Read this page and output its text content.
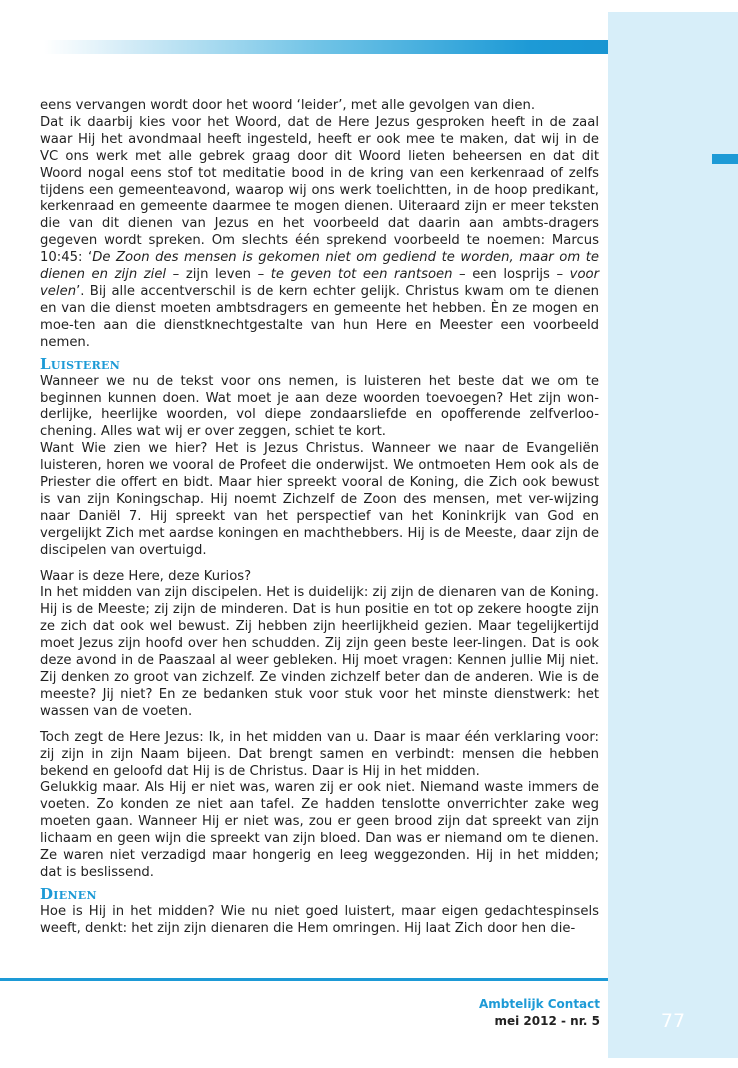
eens vervangen wordt door het woord ‘leider’, met alle gevolgen van dien.

Dat ik daarbij kies voor het Woord, dat de Here Jezus gesproken heeft in de zaal waar Hij het avondmaal heeft ingesteld, heeft er ook mee te maken, dat wij in de VC ons werk met alle gebrek graag door dit Woord lieten beheersen en dat dit Woord nogal eens stof tot meditatie bood in de kring van een kerkenraad of zelfs tijdens een gemeenteavond, waarop wij ons werk toelichtten, in de hoop predikant, kerkenraad en gemeente daarmee te mogen dienen. Uiteraard zijn er meer teksten die van dit dienen van Jezus en het voorbeeld dat daarin aan ambts-dragers gegeven wordt spreken. Om slechts één sprekend voorbeeld te noemen: Marcus 10:45: ‘De Zoon des mensen is gekomen niet om gediend te worden, maar om te dienen en zijn ziel – zijn leven – te geven tot een rantsoen – een losprijs – voor velen’. Bij alle accentverschil is de kern echter gelijk. Christus kwam om te dienen en van die dienst moeten ambtsdragers en gemeente het hebben. Èn ze mogen en moe-ten aan die dienstknechtgestalte van hun Here en Meester een voorbeeld nemen.

Luisteren

Wanneer we nu de tekst voor ons nemen, is luisteren het beste dat we om te beginnen kunnen doen. Wat moet je aan deze woorden toevoegen? Het zijn won-derlijke, heerlijke woorden, vol diepe zondaarsliefde en opofferende zelfverloo-chening. Alles wat wij er over zeggen, schiet te kort.

Want Wie zien we hier? Het is Jezus Christus. Wanneer we naar de Evangeliën luisteren, horen we vooral de Profeet die onderwijst. We ontmoeten Hem ook als de Priester die offert en bidt. Maar hier spreekt vooral de Koning, die Zich ook bewust is van zijn Koningschap. Hij noemt Zichzelf de Zoon des mensen, met ver-wijzing naar Daniël 7. Hij spreekt van het perspectief van het Koninkrijk van God en vergelijkt Zich met aardse koningen en machthebbers. Hij is de Meeste, daar zijn de discipelen van overtuigd.

Waar is deze Here, deze Kurios?

In het midden van zijn discipelen. Het is duidelijk: zij zijn de dienaren van de Koning. Hij is de Meeste; zij zijn de minderen. Dat is hun positie en tot op zekere hoogte zijn ze zich dat ook wel bewust. Zij hebben zijn heerlijkheid gezien. Maar tegelijkertijd moet Jezus zijn hoofd over hen schudden. Zij zijn geen beste leer-lingen. Dat is ook deze avond in de Paaszaal al weer gebleken. Hij moet vragen: Kennen jullie Mij niet. Zij denken zo groot van zichzelf. Ze vinden zichzelf beter dan de anderen. Wie is de meeste? Jij niet? En ze bedanken stuk voor stuk voor het minste dienstwerk: het wassen van de voeten.

Toch zegt de Here Jezus: Ik, in het midden van u. Daar is maar één verklaring voor: zij zijn in zijn Naam bijeen. Dat brengt samen en verbindt: mensen die hebben bekend en geloofd dat Hij is de Christus. Daar is Hij in het midden.

Gelukkig maar. Als Hij er niet was, waren zij er ook niet. Niemand waste immers de voeten. Zo konden ze niet aan tafel. Ze hadden tenslotte onverrichter zake weg moeten gaan. Wanneer Hij er niet was, zou er geen brood zijn dat spreekt van zijn lichaam en geen wijn die spreekt van zijn bloed. Dan was er niemand om te dienen. Ze waren niet verzadigd maar hongerig en leeg weggezonden. Hij in het midden; dat is beslissend.

Dienen

Hoe is Hij in het midden? Wie nu niet goed luistert, maar eigen gedachtespinsels weeft, denkt: het zijn zijn dienaren die Hem omringen. Hij laat Zich door hen die-

Ambtelijk Contact
mei 2012 - nr. 5	77
